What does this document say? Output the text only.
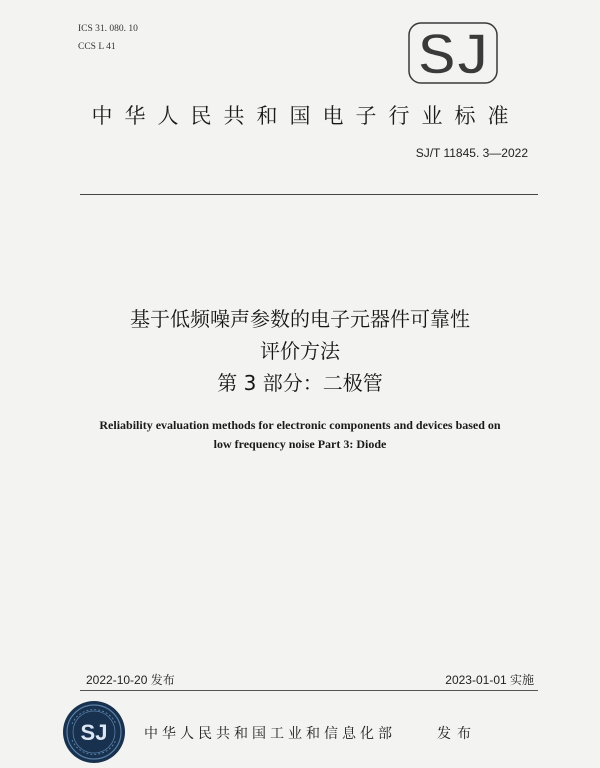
ICS 31. 080. 10
CCS L 41	SJ
中华人民共和国电子行业标准
SJ/T 11845. 3—2022
基于低频噪声参数的电子元器件可靠性
评价方法
第 3 部分：二极管
Reliability evaluation methods for electronic components and devices based on
low frequency noise Part 3: Diode
2022-10-20 发布	2023-01-01 实施
SJ	中华人民共和国工业和信息化部	发布
